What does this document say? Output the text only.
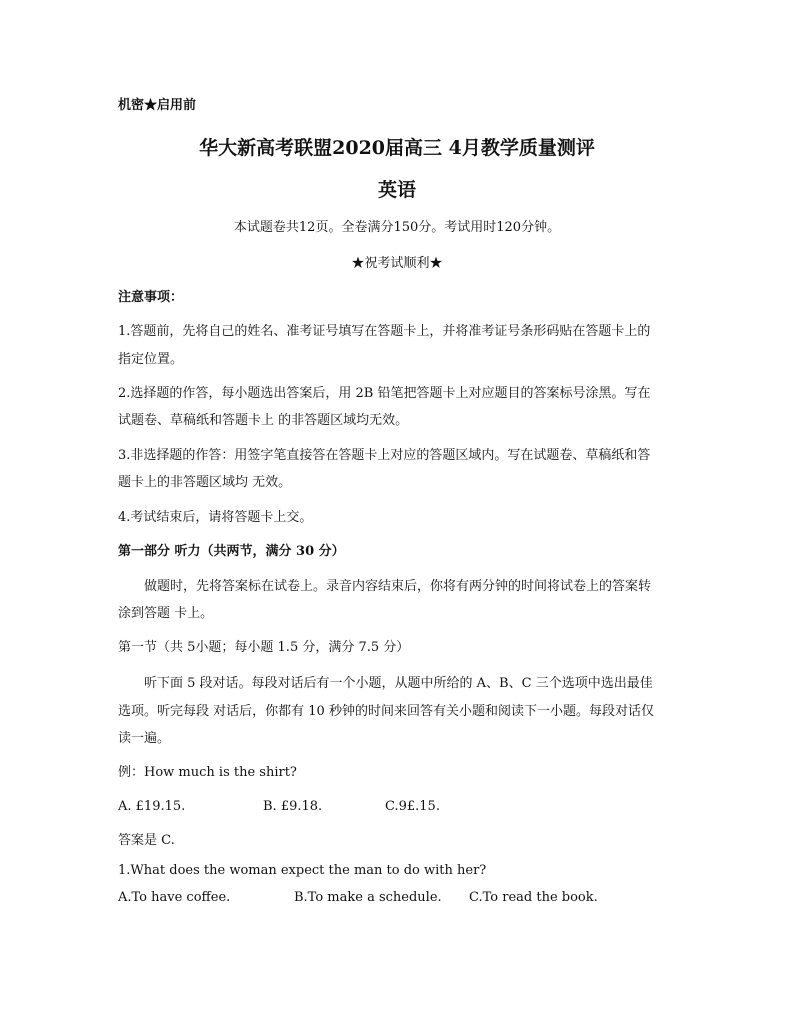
机密★启用前
华大新高考联盟2020届高三 4月教学质量测评
英语
本试题卷共12页。全卷满分150分。考试用时120分钟。
★祝考试顺利★
注意事项：
1.答题前，先将自己的姓名、准考证号填写在答题卡上，并将准考证号条形码贴在答题卡上的
指定位置。
2.选择题的作答，每小题选出答案后，用 2B 铅笔把答题卡上对应题目的答案标号涂黑。写在
试题卷、草稿纸和答题卡上 的非答题区域均无效。
3.非选择题的作答：用签字笔直接答在答题卡上对应的答题区域内。写在试题卷、草稿纸和答
题卡上的非答题区域均 无效。
4.考试结束后，请将答题卡上交。
第一部分 听力（共两节，满分 30 分）
做题时，先将答案标在试卷上。录音内容结束后，你将有两分钟的时间将试卷上的答案转
涂到答题 卡上。
第一节（共 5小题；每小题 1.5 分，满分 7.5 分）
听下面 5 段对话。每段对话后有一个小题，从题中所给的 A、B、C 三个选项中选出最佳
选项。听完每段 对话后，你都有 10 秒钟的时间来回答有关小题和阅读下一小题。每段对话仅
读一遍。
例：How much is the shirt?
A. £19.15.	B. £9.18.	C.9£.15.
答案是 C.
1.What does the woman expect the man to do with her?
A.To have coffee.	B.To make a schedule. C.To read the book.
